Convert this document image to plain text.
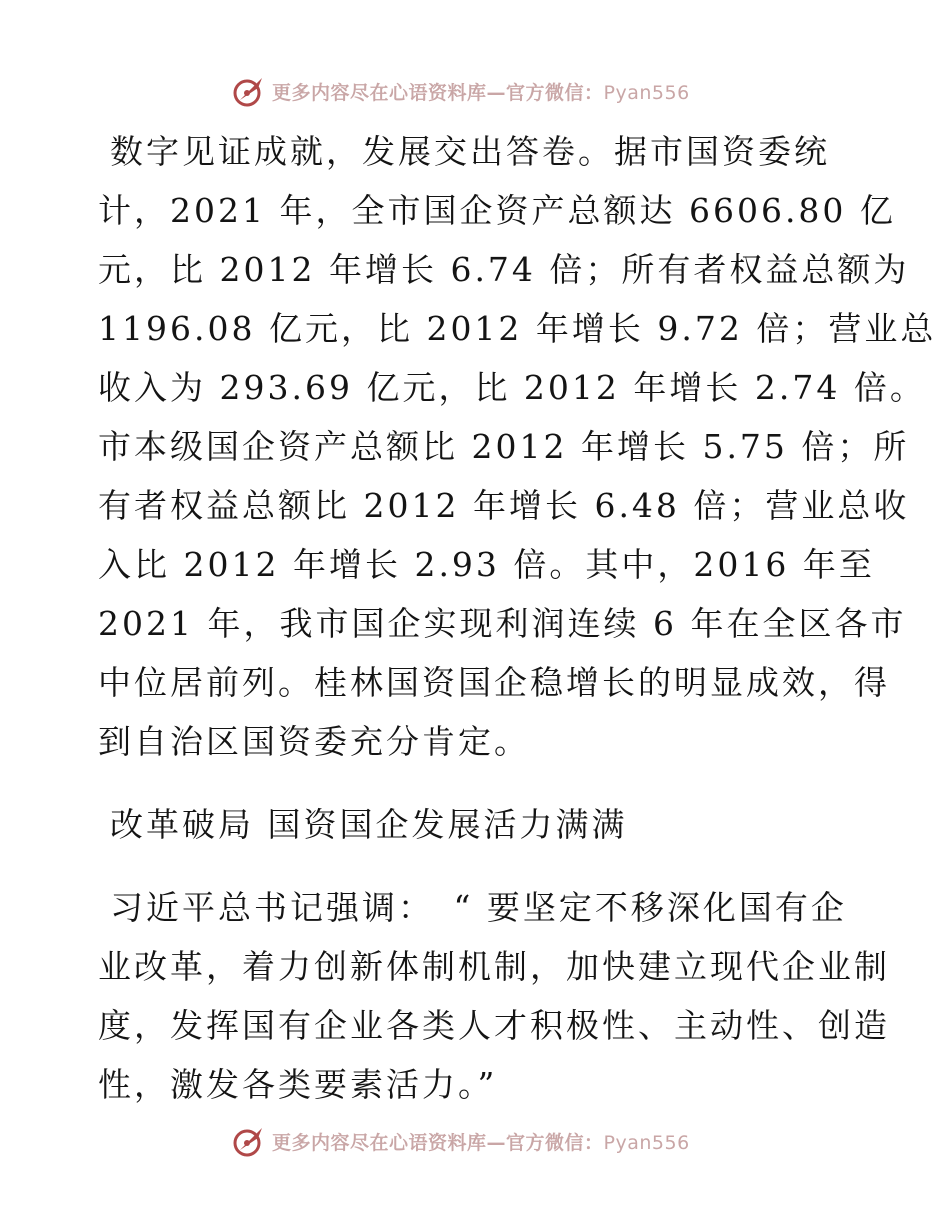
更多内容尽在心语资料库—官方微信：Pyan556
数字见证成就，发展交出答卷。据市国资委统
计，2021 年，全市国企资产总额达 6606.80 亿
元，比 2012 年增长 6.74 倍；所有者权益总额为
1196.08 亿元，比 2012 年增长 9.72 倍；营业总
收入为 293.69 亿元，比 2012 年增长 2.74 倍。
市本级国企资产总额比 2012 年增长 5.75 倍；所
有者权益总额比 2012 年增长 6.48 倍；营业总收
入比 2012 年增长 2.93 倍。其中，2016 年至
2021 年，我市国企实现利润连续 6 年在全区各市
中位居前列。桂林国资国企稳增长的明显成效，得
到自治区国资委充分肯定。
改革破局 国资国企发展活力满满
习近平总书记强调：　“ 要坚定不移深化国有企
业改革，着力创新体制机制，加快建立现代企业制
度，发挥国有企业各类人才积极性、主动性、创造
性，激发各类要素活力。”
更多内容尽在心语资料库—官方微信：Pyan556
